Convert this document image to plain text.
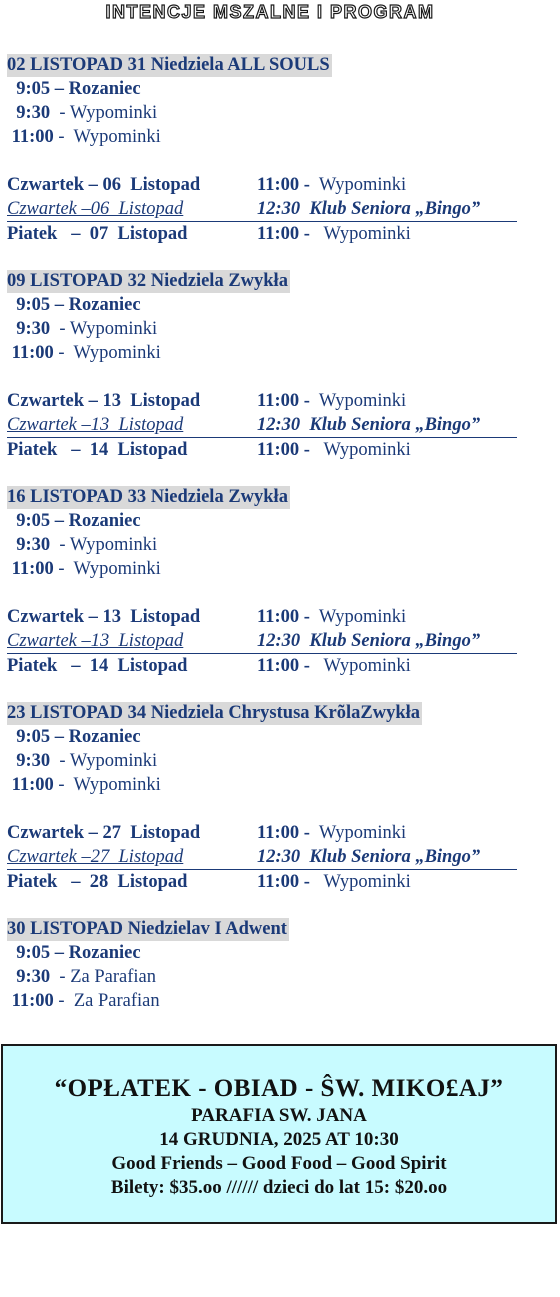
INTENCJE MSZALNE I PROGRAM
02 LISTOPAD 31 Niedziela ALL SOULS
9:05 – Rozaniec
9:30  - Wypominki
11:00 -  Wypominki
Czwartek – 06  Listopad	11:00 -  Wypominki
Czwartek –06  Listopad	12:30  Klub Seniora „Bingo”
Piatek   –  07  Listopad	11:00 -   Wypominki
09 LISTOPAD 32 Niedziela Zwykła
9:05 – Rozaniec
9:30  - Wypominki
11:00 -  Wypominki
Czwartek – 13  Listopad	11:00 -  Wypominki
Czwartek –13  Listopad	12:30  Klub Seniora „Bingo”
Piatek   –  14  Listopad	11:00 -   Wypominki
16 LISTOPAD 33 Niedziela Zwykła
9:05 – Rozaniec
9:30  - Wypominki
11:00 -  Wypominki
Czwartek – 13  Listopad	11:00 -  Wypominki
Czwartek –13  Listopad	12:30  Klub Seniora „Bingo”
Piatek   –  14  Listopad	11:00 -   Wypominki
23 LISTOPAD 34 Niedziela Chrystusa KrõlaZwykła
9:05 – Rozaniec
9:30  - Wypominki
11:00 -  Wypominki
Czwartek – 27  Listopad	11:00 -  Wypominki
Czwartek –27  Listopad	12:30  Klub Seniora „Bingo”
Piatek   –  28  Listopad	11:00 -   Wypominki
30 LISTOPAD Niedzielav I Adwent
9:05 – Rozaniec
9:30  - Za Parafian
11:00 -  Za Parafian
“OPŁATEK - OBIAD - ŜW. MIKO£AJ”
PARAFIA SW. JANA
14 GRUDNIA, 2025 AT 10:30
Good Friends – Good Food – Good Spirit
Bilety: $35.oo ////// dzieci do lat 15: $20.oo
